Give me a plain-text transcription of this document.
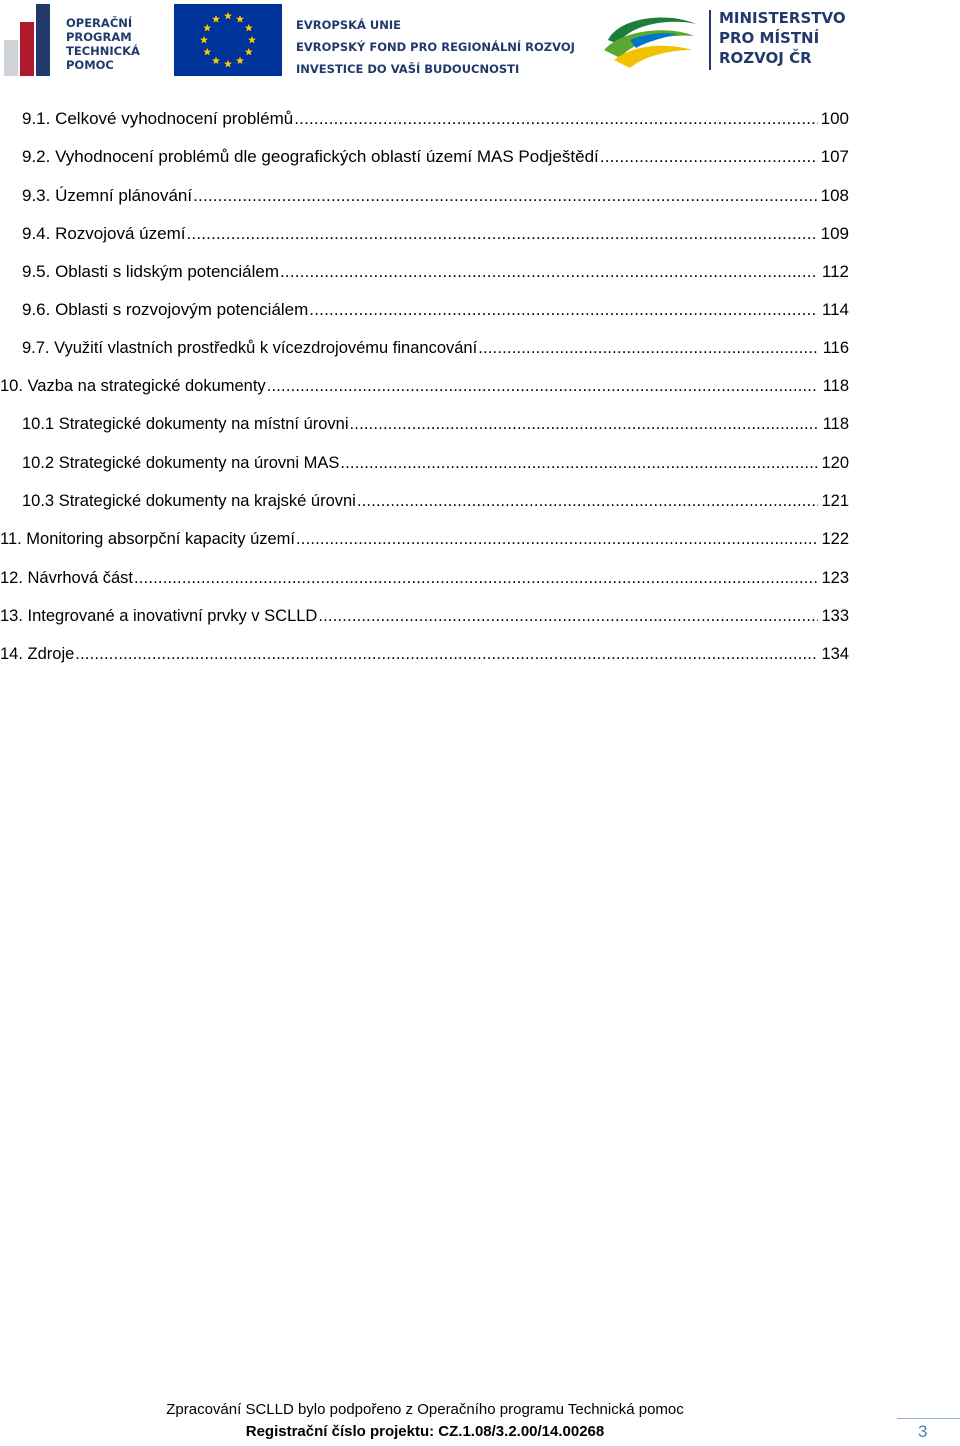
OPERAČNÍ
PROGRAM
TECHNICKÁ
POMOC
EVROPSKÁ UNIE
EVROPSKÝ FOND PRO REGIONÁLNÍ ROZVOJ
INVESTICE DO VAŠÍ BUDOUCNOSTI
MINISTERSTVO
PRO MÍSTNÍ
ROZVOJ ČR
9.1. Celkové vyhodnocení problémů .....	100
9.2. Vyhodnocení problémů dle geografických oblastí území MAS Podještědí .....	107
9.3. Územní plánování .....	108
9.4. Rozvojová území .....	109
9.5. Oblasti s lidským potenciálem .....	112
9.6. Oblasti s rozvojovým potenciálem .....	114
9.7. Využití vlastních prostředků k vícezdrojovému financování .....	116
10. Vazba na strategické dokumenty .....	118
10.1 Strategické dokumenty na místní úrovni .....	118
10.2 Strategické dokumenty na úrovni MAS .....	120
10.3 Strategické dokumenty na krajské úrovni .....	121
11. Monitoring absorpční kapacity území .....	122
12. Návrhová část .....	123
13. Integrované a inovativní prvky v SCLLD .....	133
14. Zdroje .....	134
Zpracování SCLLD bylo podpořeno z Operačního programu Technická pomoc
Registrační číslo projektu: CZ.1.08/3.2.00/14.00268	3
